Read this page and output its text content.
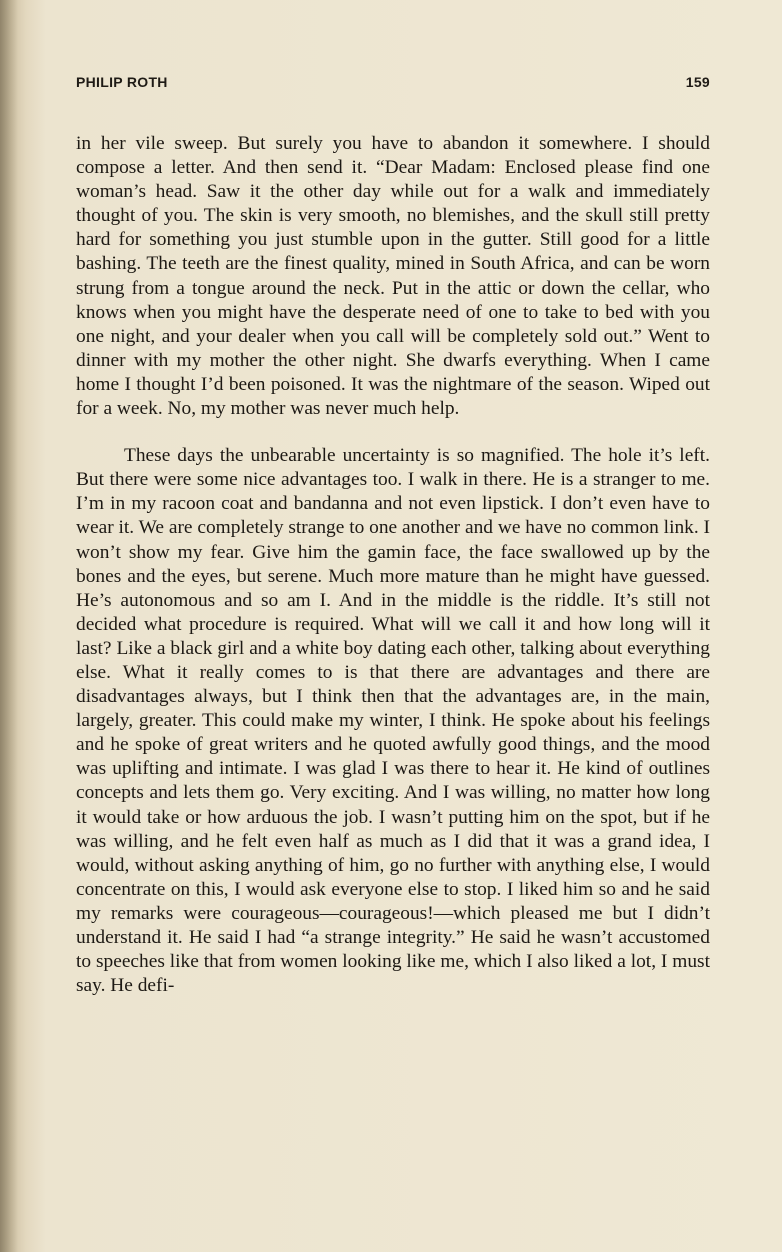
PHILIP ROTH	159

in her vile sweep. But surely you have to abandon it somewhere. I should compose a letter. And then send it. “Dear Madam: Enclosed please find one woman’s head. Saw it the other day while out for a walk and immediately thought of you. The skin is very smooth, no blemishes, and the skull still pretty hard for something you just stumble upon in the gutter. Still good for a little bashing. The teeth are the finest quality, mined in South Africa, and can be worn strung from a tongue around the neck. Put in the attic or down the cellar, who knows when you might have the desperate need of one to take to bed with you one night, and your dealer when you call will be completely sold out.” Went to dinner with my mother the other night. She dwarfs everything. When I came home I thought I’d been poisoned. It was the nightmare of the season. Wiped out for a week. No, my mother was never much help.

These days the unbearable uncertainty is so magnified. The hole it’s left. But there were some nice advantages too. I walk in there. He is a stranger to me. I’m in my racoon coat and bandanna and not even lipstick. I don’t even have to wear it. We are completely strange to one another and we have no common link. I won’t show my fear. Give him the gamin face, the face swallowed up by the bones and the eyes, but serene. Much more mature than he might have guessed. He’s autonomous and so am I. And in the middle is the riddle. It’s still not decided what procedure is required. What will we call it and how long will it last? Like a black girl and a white boy dating each other, talking about everything else. What it really comes to is that there are advantages and there are disadvantages always, but I think then that the advantages are, in the main, largely, greater. This could make my winter, I think. He spoke about his feelings and he spoke of great writers and he quoted awfully good things, and the mood was uplifting and intimate. I was glad I was there to hear it. He kind of outlines concepts and lets them go. Very exciting. And I was willing, no matter how long it would take or how arduous the job. I wasn’t putting him on the spot, but if he was willing, and he felt even half as much as I did that it was a grand idea, I would, without asking anything of him, go no further with anything else, I would concentrate on this, I would ask everyone else to stop. I liked him so and he said my remarks were courageous—courageous!—which pleased me but I didn’t understand it. He said I had “a strange integrity.” He said he wasn’t accustomed to speeches like that from women looking like me, which I also liked a lot, I must say. He defi-
